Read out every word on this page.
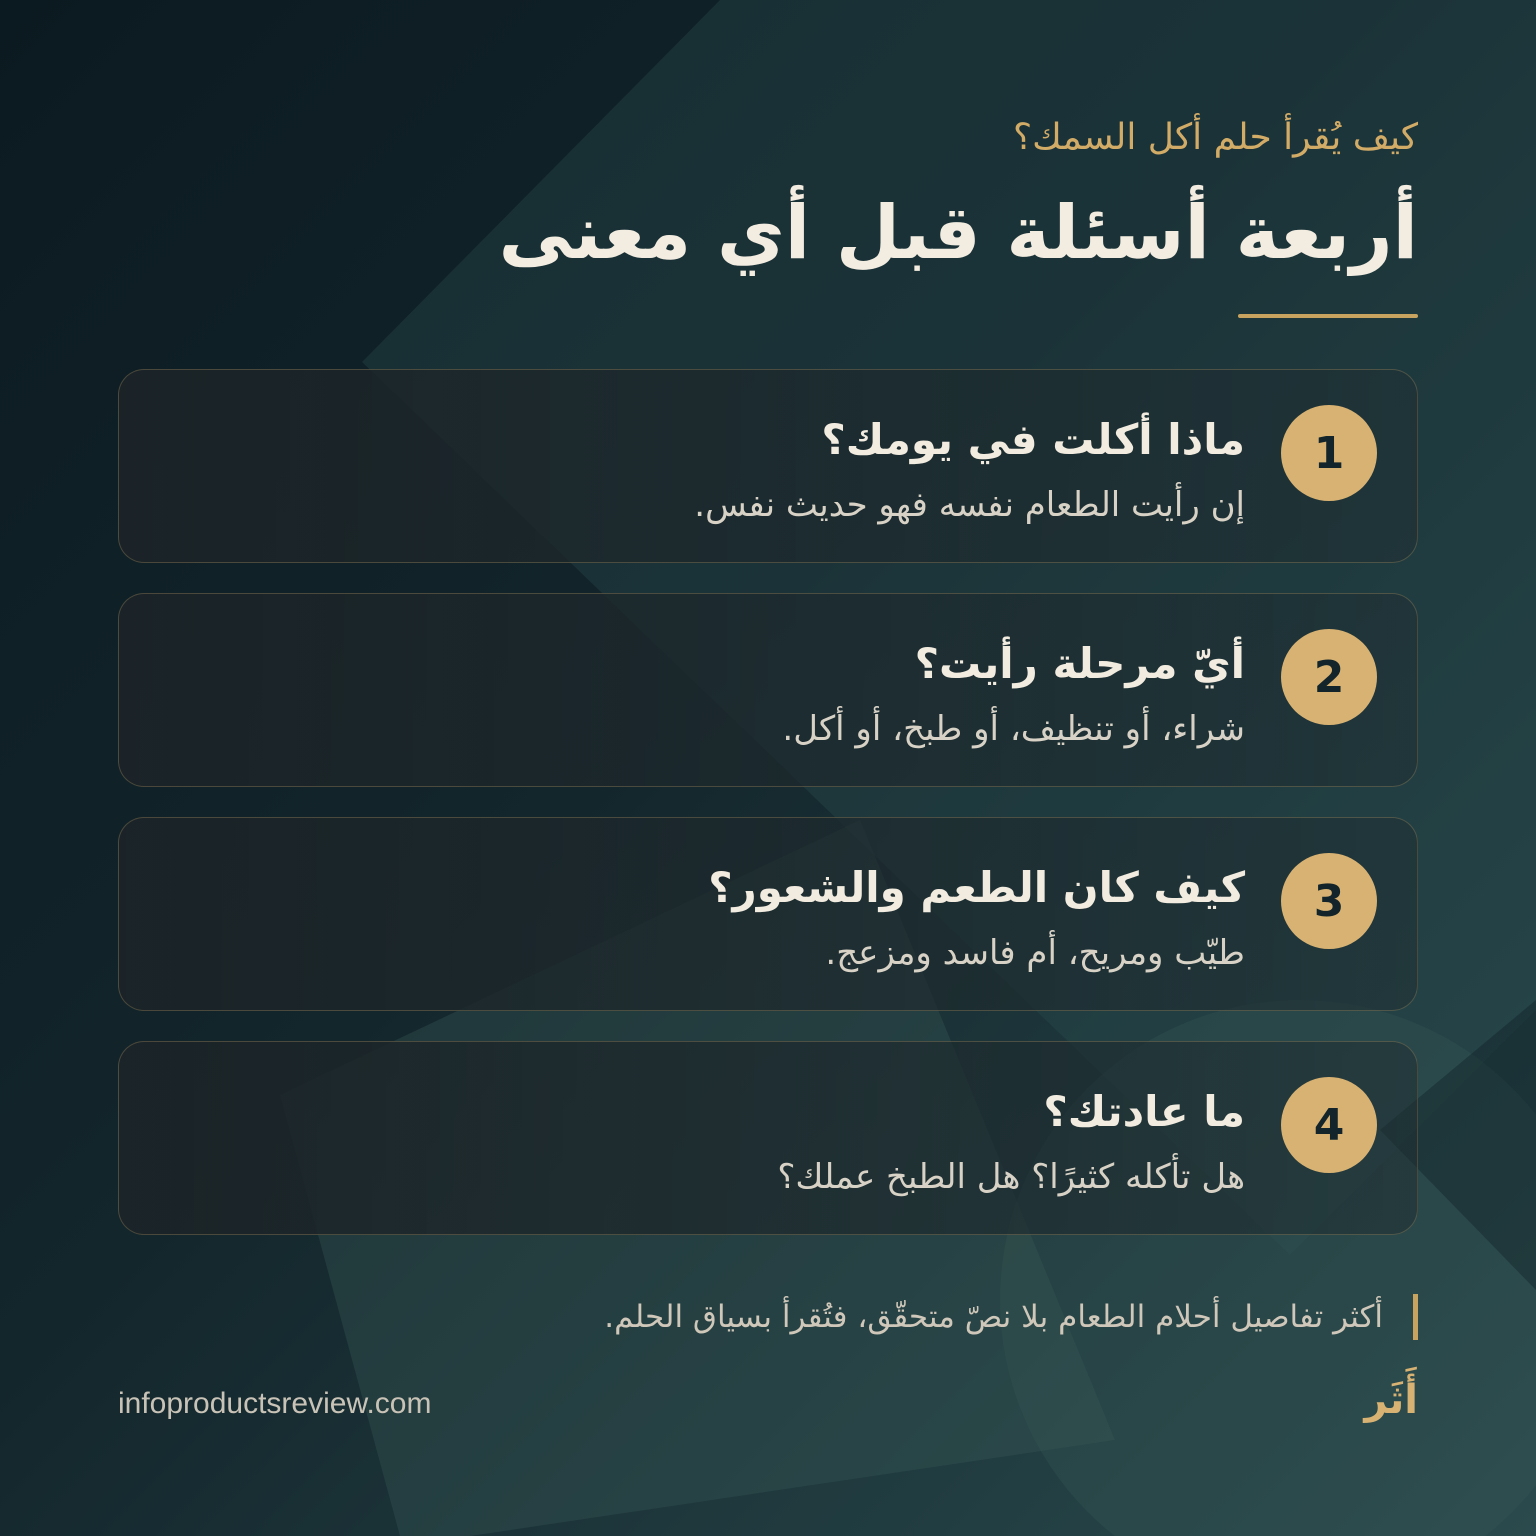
كيف يُقرأ حلم أكل السمك؟
أربعة أسئلة قبل أي معنى
1
ماذا أكلت في يومك؟
إن رأيت الطعام نفسه فهو حديث نفس.
2
أيّ مرحلة رأيت؟
شراء، أو تنظيف، أو طبخ، أو أكل.
3
كيف كان الطعم والشعور؟
طيّب ومريح، أم فاسد ومزعج.
4
ما عادتك؟
هل تأكله كثيرًا؟ هل الطبخ عملك؟
أكثر تفاصيل أحلام الطعام بلا نصّ متحقّق، فتُقرأ بسياق الحلم.
infoproductsreview.com	أَثَر
